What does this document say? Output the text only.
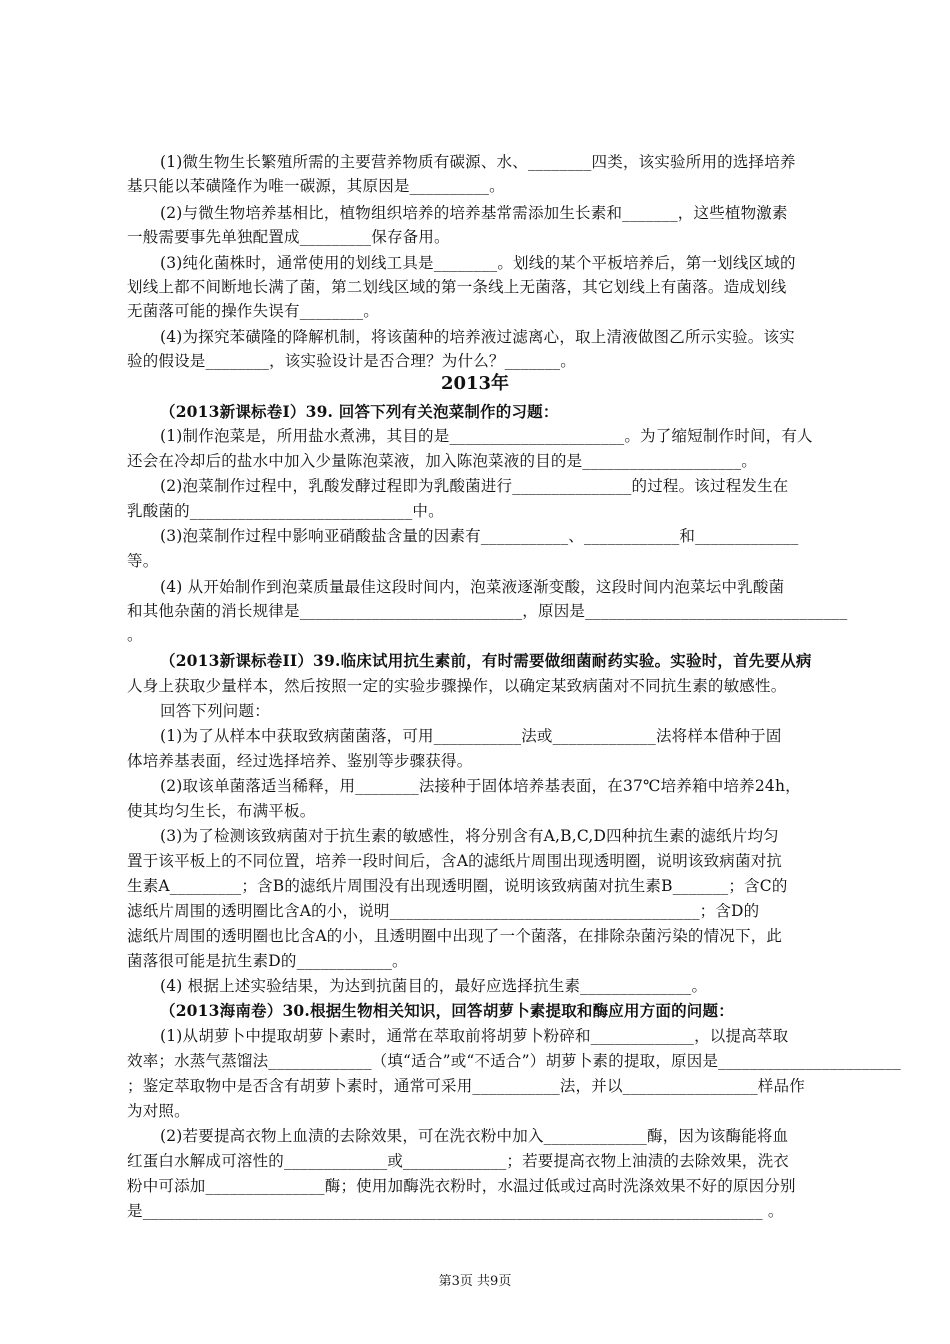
(1)微生物生长繁殖所需的主要营养物质有碳源、水、________四类，该实验所用的选择培养
基只能以苯磺隆作为唯一碳源，其原因是__________。
(2)与微生物培养基相比，植物组织培养的培养基常需添加生长素和_______，这些植物激素
一般需要事先单独配置成_________保存备用。
(3)纯化菌株时，通常使用的划线工具是________。划线的某个平板培养后，第一划线区域的
划线上都不间断地长满了菌，第二划线区域的第一条线上无菌落，其它划线上有菌落。造成划线
无菌落可能的操作失误有________。
(4)为探究苯磺隆的降解机制，将该菌种的培养液过滤离心，取上清液做图乙所示实验。该实
验的假设是________，该实验设计是否合理？为什么？_______。
2013年
（2013新课标卷Ⅰ）39. 回答下列有关泡菜制作的习题：
(1)制作泡菜是，所用盐水煮沸，其目的是______________________。为了缩短制作时间，有人
还会在冷却后的盐水中加入少量陈泡菜液，加入陈泡菜液的目的是____________________。
(2)泡菜制作过程中，乳酸发酵过程即为乳酸菌进行_______________的过程。该过程发生在
乳酸菌的____________________________中。
(3)泡菜制作过程中影响亚硝酸盐含量的因素有___________、____________和_____________
等。
(4) 从开始制作到泡菜质量最佳这段时间内，泡菜液逐渐变酸，这段时间内泡菜坛中乳酸菌
和其他杂菌的消长规律是____________________________，原因是_________________________________
。
（2013新课标卷II）39.临床试用抗生素前，有时需要做细菌耐药实验。实验时，首先要从病
人身上获取少量样本，然后按照一定的实验步骤操作，以确定某致病菌对不同抗生素的敏感性。
回答下列问题：
(1)为了从样本中获取致病菌菌落，可用___________法或_____________法将样本借种于固
体培养基表面，经过选择培养、鉴别等步骤获得。
(2)取该单菌落适当稀释，用________法接种于固体培养基表面，在37℃培养箱中培养24h，
使其均匀生长，布满平板。
(3)为了检测该致病菌对于抗生素的敏感性，将分别含有A,B,C,D四种抗生素的滤纸片均匀
置于该平板上的不同位置，培养一段时间后，含A的滤纸片周围出现透明圈，说明该致病菌对抗
生素A_________；含B的滤纸片周围没有出现透明圈，说明该致病菌对抗生素B_______；含C的
滤纸片周围的透明圈比含A的小，说明_______________________________________；含D的
滤纸片周围的透明圈也比含A的小，且透明圈中出现了一个菌落，在排除杂菌污染的情况下，此
菌落很可能是抗生素D的____________。
(4) 根据上述实验结果，为达到抗菌目的，最好应选择抗生素______________。
（2013海南卷）30.根据生物相关知识，回答胡萝卜素提取和酶应用方面的问题：
(1)从胡萝卜中提取胡萝卜素时，通常在萃取前将胡萝卜粉碎和_____________，以提高萃取
效率；水蒸气蒸馏法_____________（填“适合”或“不适合”）胡萝卜素的提取，原因是_______________________
；鉴定萃取物中是否含有胡萝卜素时，通常可采用___________法，并以_________________样品作
为对照。
(2)若要提高衣物上血渍的去除效果，可在洗衣粉中加入_____________酶，因为该酶能将血
红蛋白水解成可溶性的_____________或_____________；若要提高衣物上油渍的去除效果，洗衣
粉中可添加_______________酶；使用加酶洗衣粉时，水温过低或过高时洗涤效果不好的原因分别
是______________________________________________________________________________ 。
第3页 共9页
